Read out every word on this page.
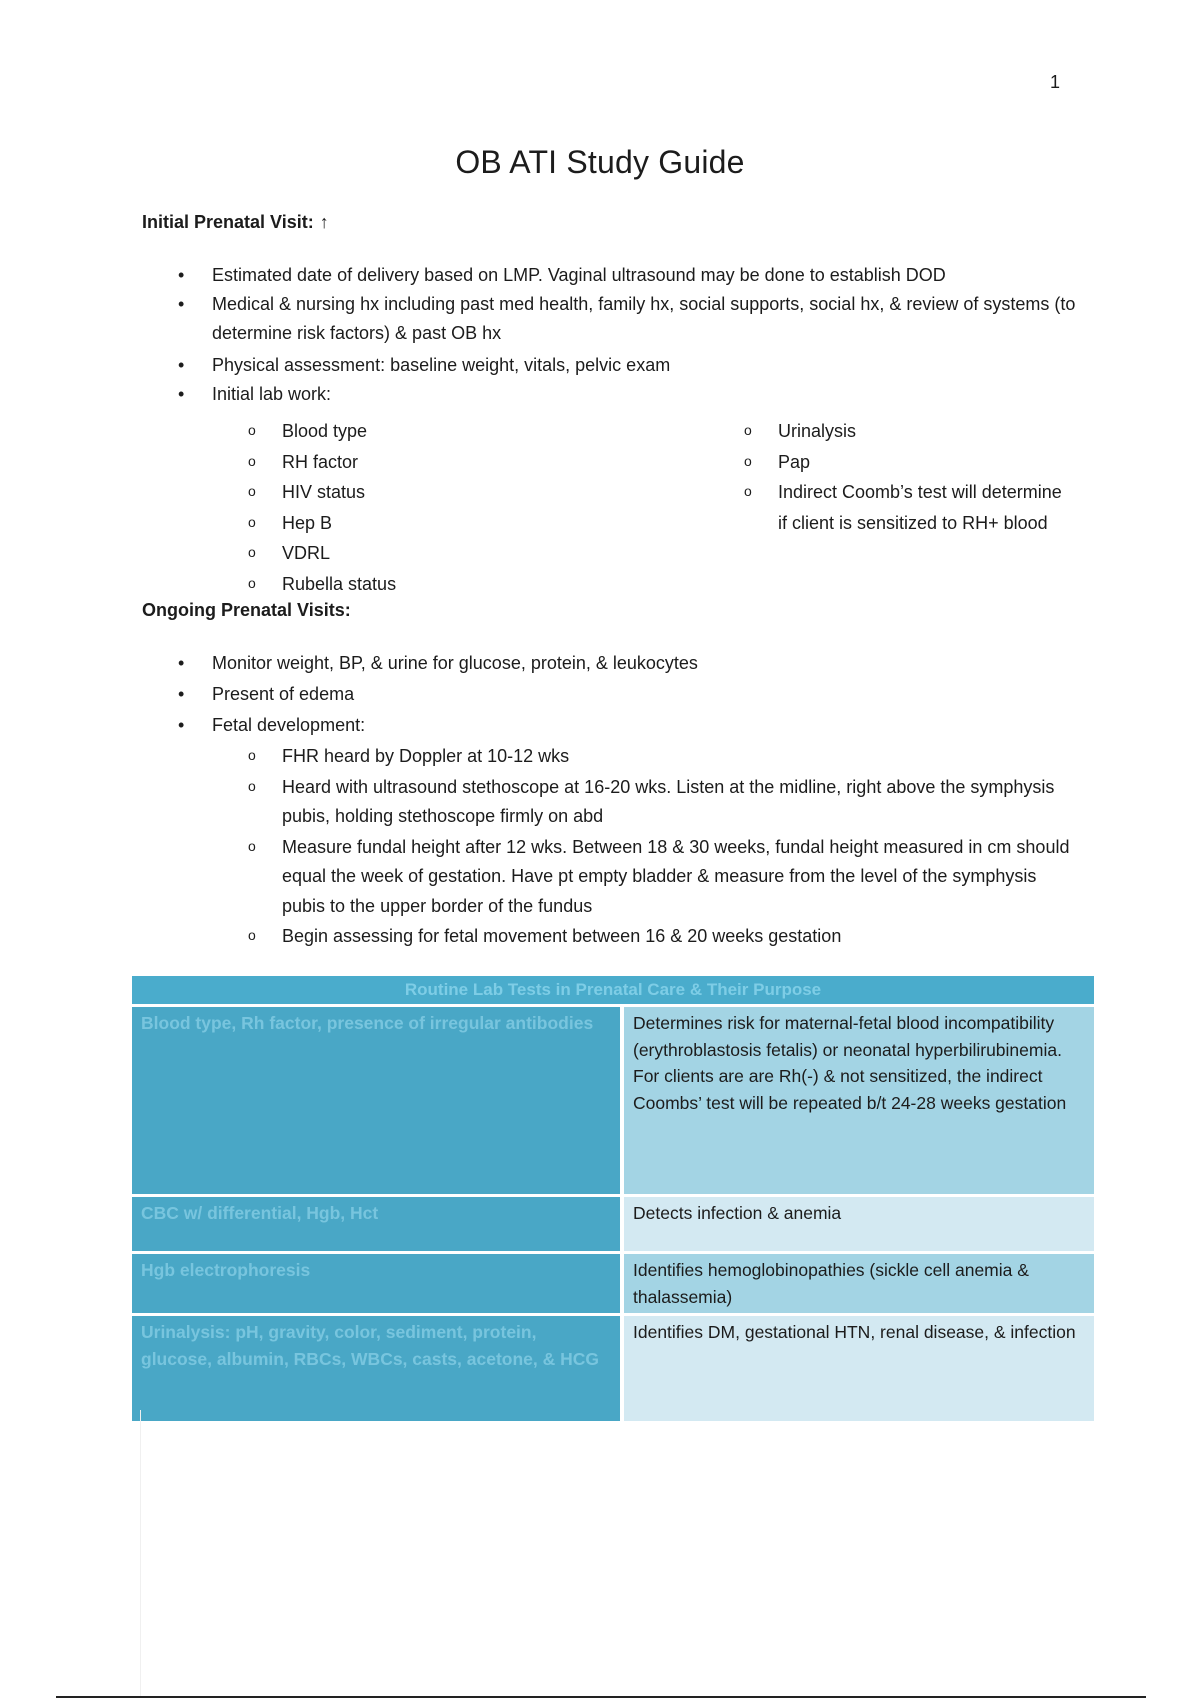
1
OB ATI Study Guide
Initial Prenatal Visit: ↑
• Estimated date of delivery based on LMP. Vaginal ultrasound may be done to establish DOD
• Medical & nursing hx including past med health, family hx, social supports, social hx, & review of systems (to determine risk factors) & past OB hx
• Physical assessment: baseline weight, vitals, pelvic exam
• Initial lab work:
o Blood type
o RH factor
o HIV status
o Hep B
o VDRL
o Rubella status
o Urinalysis
o Pap
o Indirect Coomb’s test will determine if client is sensitized to RH+ blood
Ongoing Prenatal Visits:
• Monitor weight, BP, & urine for glucose, protein, & leukocytes
• Present of edema
• Fetal development:
o FHR heard by Doppler at 10-12 wks
o Heard with ultrasound stethoscope at 16-20 wks. Listen at the midline, right above the symphysis pubis, holding stethoscope firmly on abd
o Measure fundal height after 12 wks. Between 18 & 30 weeks, fundal height measured in cm should equal the week of gestation. Have pt empty bladder & measure from the level of the symphysis pubis to the upper border of the fundus
o Begin assessing for fetal movement between 16 & 20 weeks gestation
Routine Lab Tests in Prenatal Care & Their Purpose	
Blood type, Rh factor, presence of irregular antibodies	Determines risk for maternal-fetal blood incompatibility (erythroblastosis fetalis) or neonatal hyperbilirubinemia.
For clients are are Rh(-) & not sensitized, the indirect Coombs’ test will be repeated b/t 24-28 weeks gestation

CBC w/ differential, Hgb, Hct	Detects infection & anemia

Hgb electrophoresis	Identifies hemoglobinopathies (sickle cell anemia & thalassemia)

Urinalysis: pH, gravity, color, sediment, protein, glucose, albumin, RBCs, WBCs, casts, acetone, & HCG	Identifies DM, gestational HTN, renal disease, & infection
